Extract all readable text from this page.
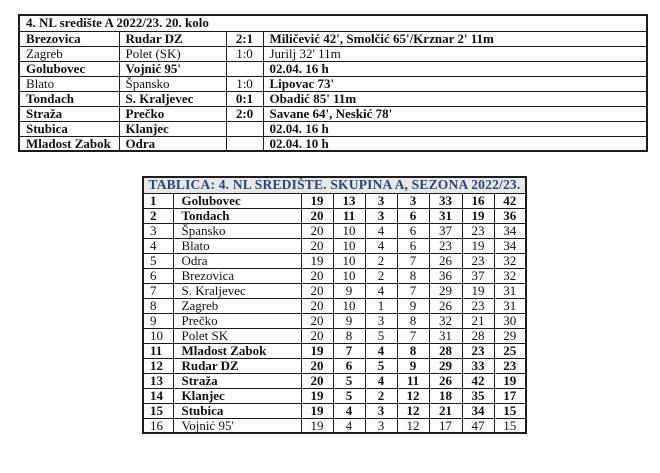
4. NL središte A 2022/23. 20. kolo			
Brezovica	Rudar DZ	2:1	Miličević 42', Smolčić 65'/Krznar 2' 11m
Zagreb	Polet (SK)	1:0	Jurilj 32' 11m
Golubovec	Vojnić 95'		02.04. 16 h
Blato	Špansko	1:0	Lipovac 73'
Tondach	S. Kraljevec	0:1	Obadić 85' 11m
Straža	Prečko	2:0	Savane 64', Neskić 78'
Stubica	Klanjec		02.04. 16 h
Mladost Zabok	Odra		02.04. 10 h
TABLICA: 4. NL SREDIŠTE. SKUPINA A, SEZONA 2022/23.								
1	Golubovec	19	13	3	3	33	16	42
2	Tondach	20	11	3	6	31	19	36
3	Špansko	20	10	4	6	37	23	34
4	Blato	20	10	4	6	23	19	34
5	Odra	19	10	2	7	26	23	32
6	Brezovica	20	10	2	8	36	37	32
7	S. Kraljevec	20	9	4	7	29	19	31
8	Zagreb	20	10	1	9	26	23	31
9	Prečko	20	9	3	8	32	21	30
10	Polet SK	20	8	5	7	31	28	29
11	Mladost Zabok	19	7	4	8	28	23	25
12	Rudar DZ	20	6	5	9	29	33	23
13	Straža	20	5	4	11	26	42	19
14	Klanjec	19	5	2	12	18	35	17
15	Stubica	19	4	3	12	21	34	15
16	Vojnić 95'	19	4	3	12	17	47	15
